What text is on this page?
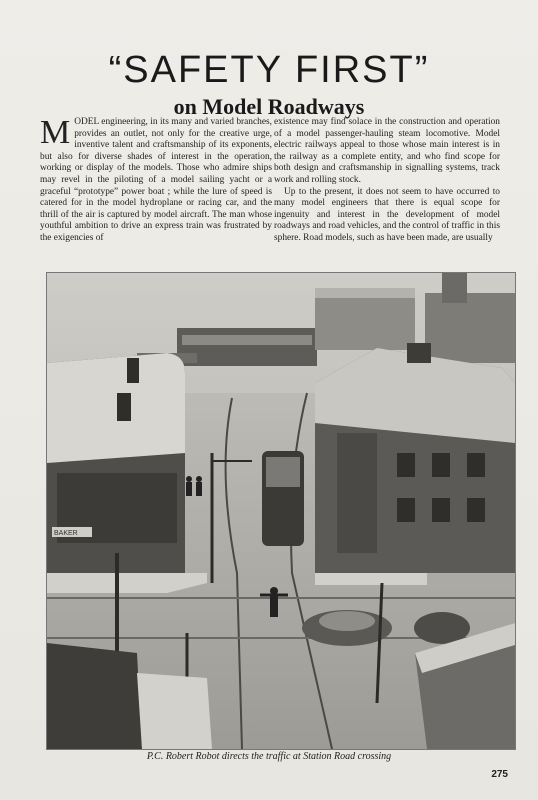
“SAFETY FIRST”
on Model Roadways

MODEL engineering, in its many and varied branches, provides an outlet, not only for the creative urge, inventive talent and craftsmanship of its exponents, but also for diverse shades of interest in the operation, working or display of the models. Those who admire ships may revel in the piloting of a model sailing yacht or a graceful “prototype” power boat ; while the lure of speed is catered for in the model hydroplane or racing car, and the thrill of the air is captured by model aircraft. The man whose youthful ambition to drive an express train was frustrated by the exigencies of

existence may find solace in the construction and operation of a model passenger-hauling steam locomotive. Model electric railways appeal to those whose main interest is in the railway as a complete entity, and who find scope for both design and craftsmanship in signalling systems, track work and rolling stock.

Up to the present, it does not seem to have occurred to many model engineers that there is equal scope for ingenuity and interest in the development of model roadways and road vehicles, and the control of traffic in this sphere. Road models, such as have been made, are usually

BAKER
P.C. Robert Robot directs the traffic at Station Road crossing
275
